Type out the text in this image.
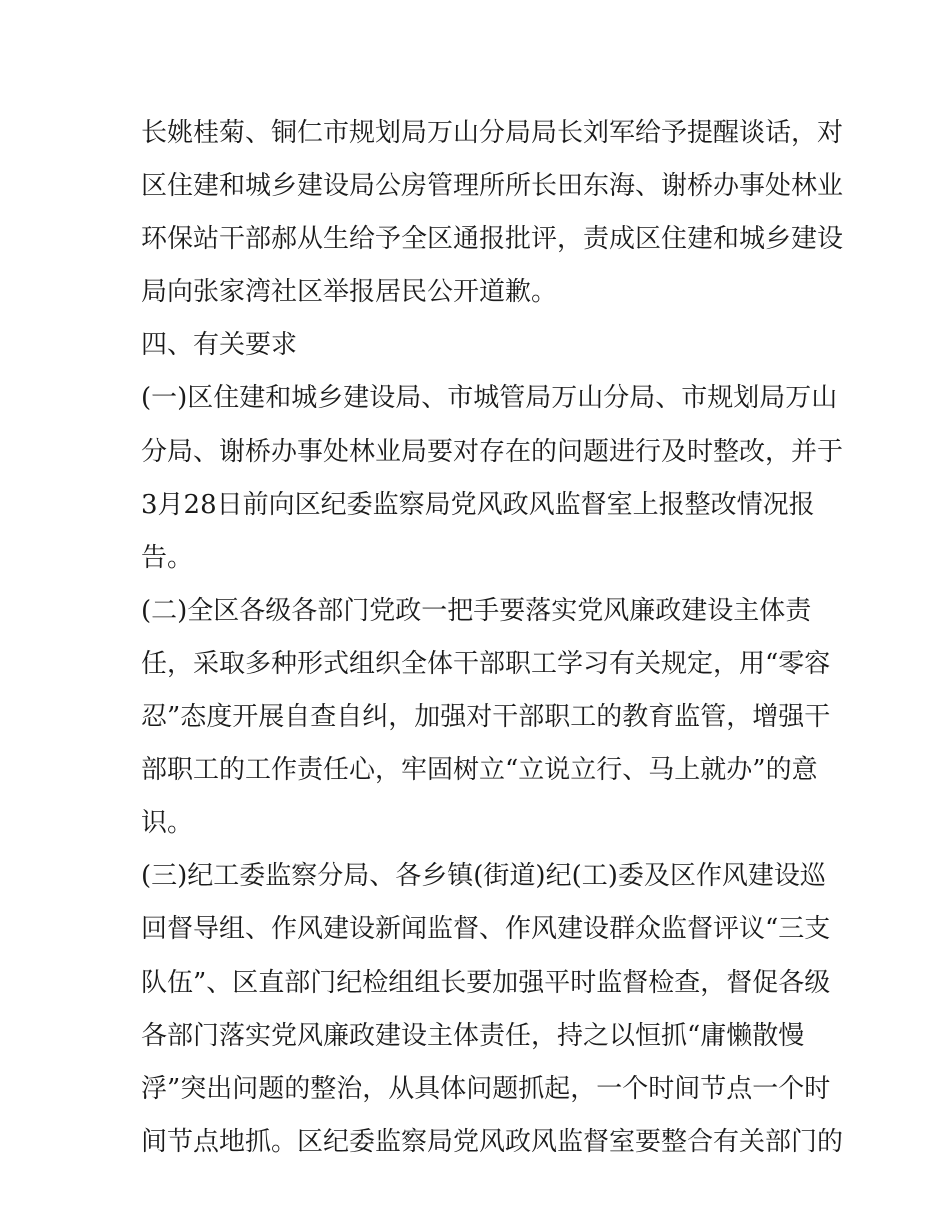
长姚桂菊、铜仁市规划局万山分局局长刘军给予提醒谈话，对
区住建和城乡建设局公房管理所所长田东海、谢桥办事处林业
环保站干部郝从生给予全区通报批评，责成区住建和城乡建设
局向张家湾社区举报居民公开道歉。
四、有关要求
(一)区住建和城乡建设局、市城管局万山分局、市规划局万山
分局、谢桥办事处林业局要对存在的问题进行及时整改，并于
3月28日前向区纪委监察局党风政风监督室上报整改情况报
告。
(二)全区各级各部门党政一把手要落实党风廉政建设主体责
任，采取多种形式组织全体干部职工学习有关规定，用“零容
忍”态度开展自查自纠，加强对干部职工的教育监管，增强干
部职工的工作责任心，牢固树立“立说立行、马上就办”的意
识。
(三)纪工委监察分局、各乡镇(街道)纪(工)委及区作风建设巡
回督导组、作风建设新闻监督、作风建设群众监督评议“三支
队伍”、区直部门纪检组组长要加强平时监督检查，督促各级
各部门落实党风廉政建设主体责任，持之以恒抓“庸懒散慢
浮”突出问题的整治，从具体问题抓起，一个时间节点一个时
间节点地抓。区纪委监察局党风政风监督室要整合有关部门的
